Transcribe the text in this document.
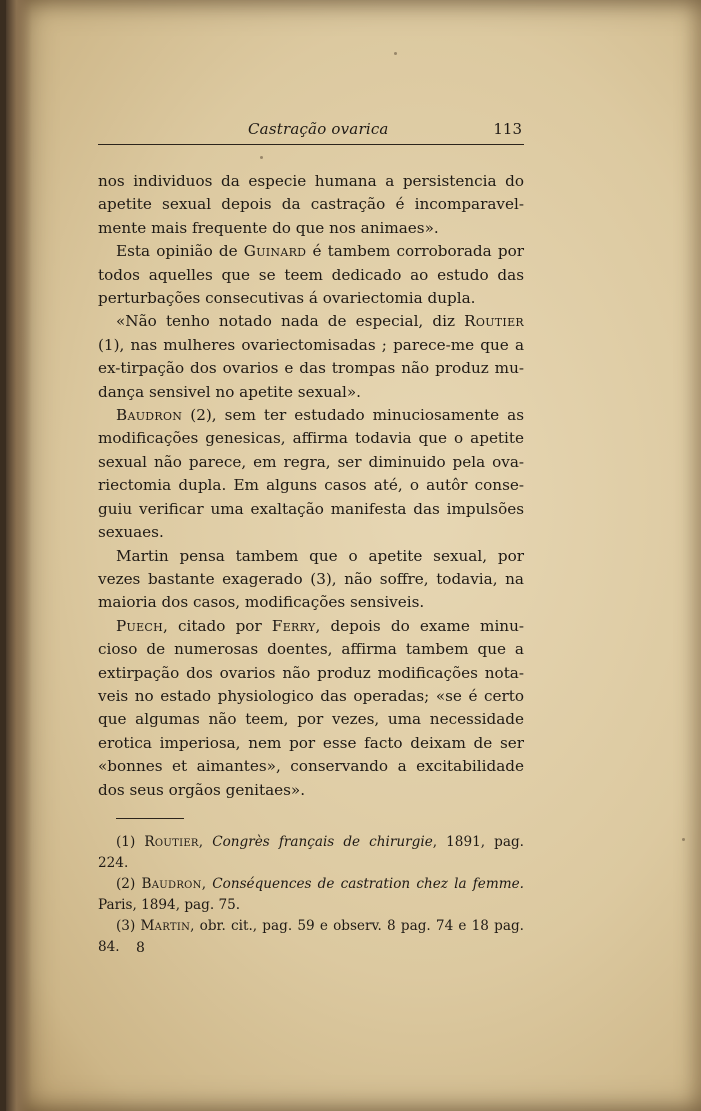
Castração ovarica	113

nos individuos da especie humana a persistencia do apetite sexual depois da castração é incomparavel-mente mais frequente do que nos animaes».

Esta opinião de Guinard é tambem corroborada por todos aquelles que se teem dedicado ao estudo das perturbações consecutivas á ovariectomia dupla.

«Não tenho notado nada de especial, diz Routier (1), nas mulheres ovariectomisadas ; parece-me que a ex-tirpação dos ovarios e das trompas não produz mu-dança sensivel no apetite sexual».

Baudron (2), sem ter estudado minuciosamente as modificações genesicas, affirma todavia que o apetite sexual não parece, em regra, ser diminuido pela ova-riectomia dupla. Em alguns casos até, o autôr conse-guiu verificar uma exaltação manifesta das impulsões sexuaes.

Martin pensa tambem que o apetite sexual, por vezes bastante exagerado (3), não soffre, todavia, na maioria dos casos, modificações sensiveis.

Puech, citado por Ferry, depois do exame minu-cioso de numerosas doentes, affirma tambem que a extirpação dos ovarios não produz modificações nota-veis no estado physiologico das operadas; «se é certo que algumas não teem, por vezes, uma necessidade erotica imperiosa, nem por esse facto deixam de ser «bonnes et aimantes», conservando a excitabilidade dos seus orgãos genitaes».

(1) Routier, Congrès français de chirurgie, 1891, pag. 224.

(2) Baudron, Conséquences de castration chez la femme. Paris, 1894, pag. 75.

(3) Martin, obr. cit., pag. 59 e observ. 8 pag. 74 e 18 pag. 84.	8
